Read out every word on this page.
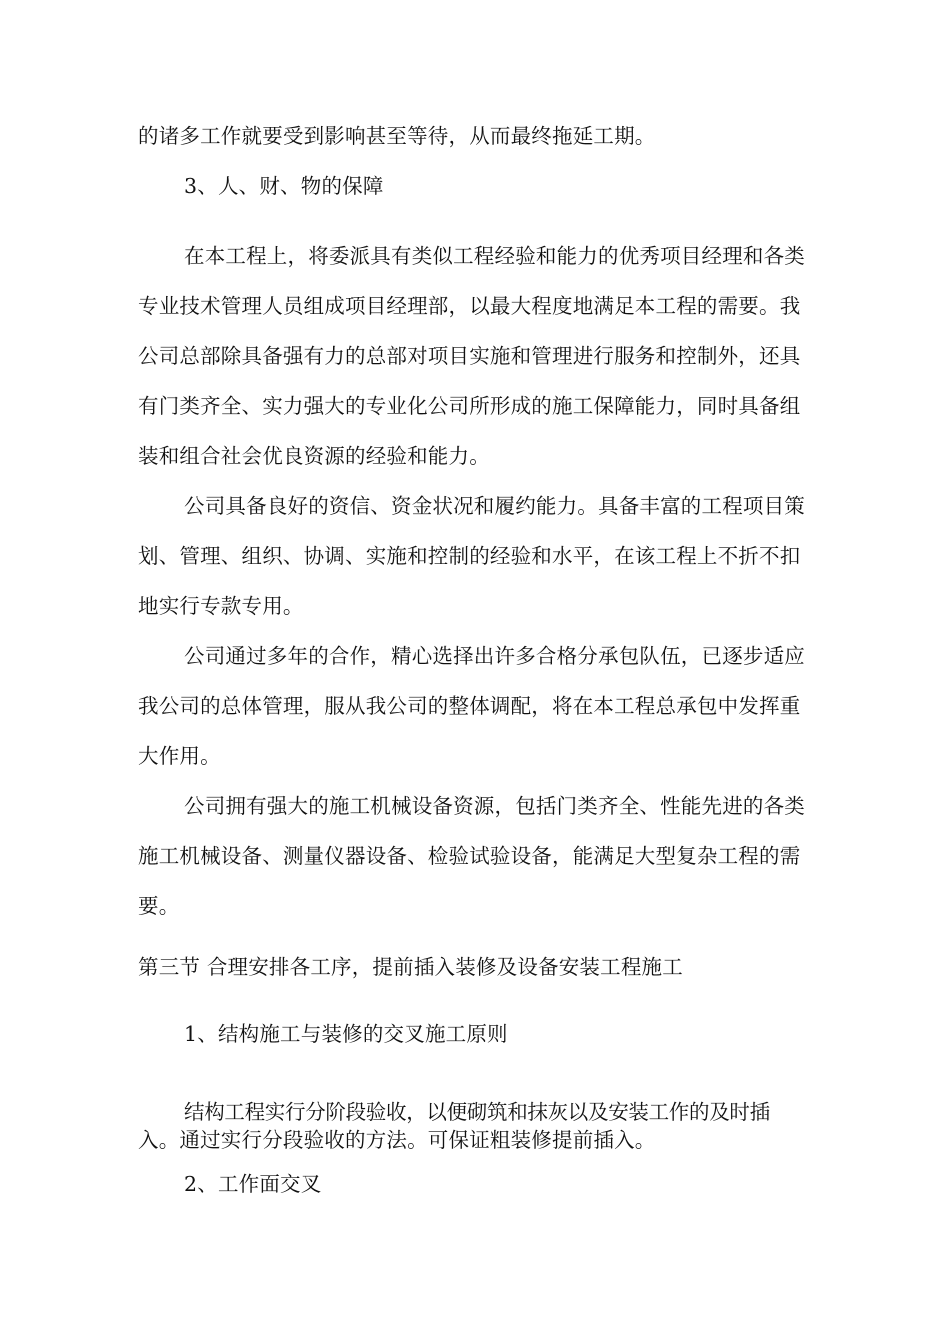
的诸多工作就要受到影响甚至等待，从而最终拖延工期。
3、人、财、物的保障
在本工程上，将委派具有类似工程经验和能力的优秀项目经理和各类
专业技术管理人员组成项目经理部，以最大程度地满足本工程的需要。我
公司总部除具备强有力的总部对项目实施和管理进行服务和控制外，还具
有门类齐全、实力强大的专业化公司所形成的施工保障能力，同时具备组
装和组合社会优良资源的经验和能力。
公司具备良好的资信、资金状况和履约能力。具备丰富的工程项目策
划、管理、组织、协调、实施和控制的经验和水平，在该工程上不折不扣
地实行专款专用。
公司通过多年的合作，精心选择出许多合格分承包队伍，已逐步适应
我公司的总体管理，服从我公司的整体调配，将在本工程总承包中发挥重
大作用。
公司拥有强大的施工机械设备资源，包括门类齐全、性能先进的各类
施工机械设备、测量仪器设备、检验试验设备，能满足大型复杂工程的需
要。
第三节 合理安排各工序，提前插入装修及设备安装工程施工
1、结构施工与装修的交叉施工原则
结构工程实行分阶段验收，以便砌筑和抹灰以及安装工作的及时插
入。通过实行分段验收的方法。可保证粗装修提前插入。
2、工作面交叉
